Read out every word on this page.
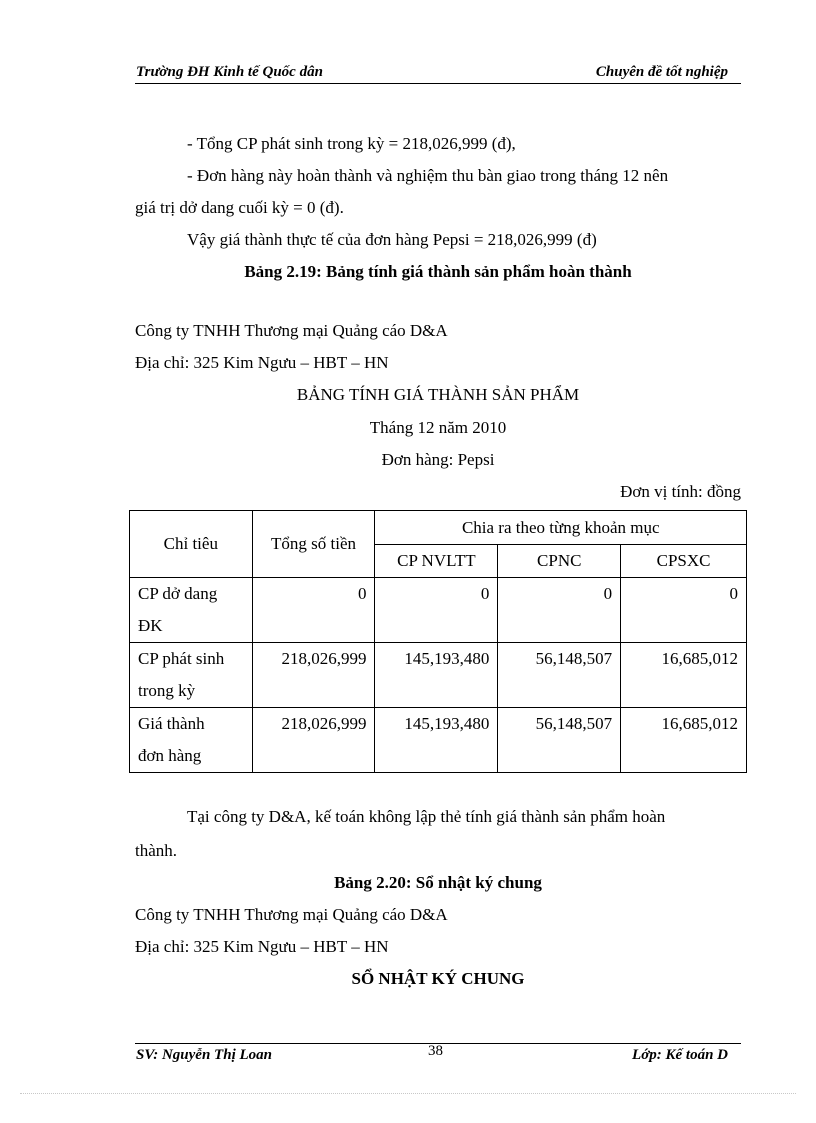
Trường ĐH Kinh tế Quốc dân	Chuyên đề tốt nghiệp
- Tổng CP phát sinh trong kỳ = 218,026,999 (đ),
- Đơn hàng này hoàn thành và nghiệm thu bàn giao trong tháng 12 nên
giá trị dở dang cuối kỳ = 0 (đ).
Vậy giá thành thực tế của đơn hàng Pepsi = 218,026,999 (đ)
Bảng 2.19: Bảng tính giá thành sản phẩm hoàn thành
Công ty TNHH Thương mại Quảng cáo D&A
Địa chỉ: 325 Kim Ngưu – HBT – HN
BẢNG TÍNH GIÁ THÀNH SẢN PHẨM
Tháng 12 năm 2010
Đơn hàng: Pepsi
Đơn vị tính: đồng
Chỉ tiêu	Tổng số tiền	Chia ra theo từng khoản mục		
		CP NVLTT	CPNC	CPSXC
CP dở dang
ĐK	0	0	0	0
CP phát sinh
trong kỳ	218,026,999	145,193,480	56,148,507	16,685,012
Giá thành
đơn hàng	218,026,999	145,193,480	56,148,507	16,685,012
Tại công ty D&A, kế toán không lập thẻ tính giá thành sản phẩm hoàn
thành.
Bảng 2.20: Sổ nhật ký chung
Công ty TNHH Thương mại Quảng cáo D&A
Địa chỉ: 325 Kim Ngưu – HBT – HN
SỔ NHẬT KÝ CHUNG
SV: Nguyễn Thị Loan	38	Lớp: Kế toán D
